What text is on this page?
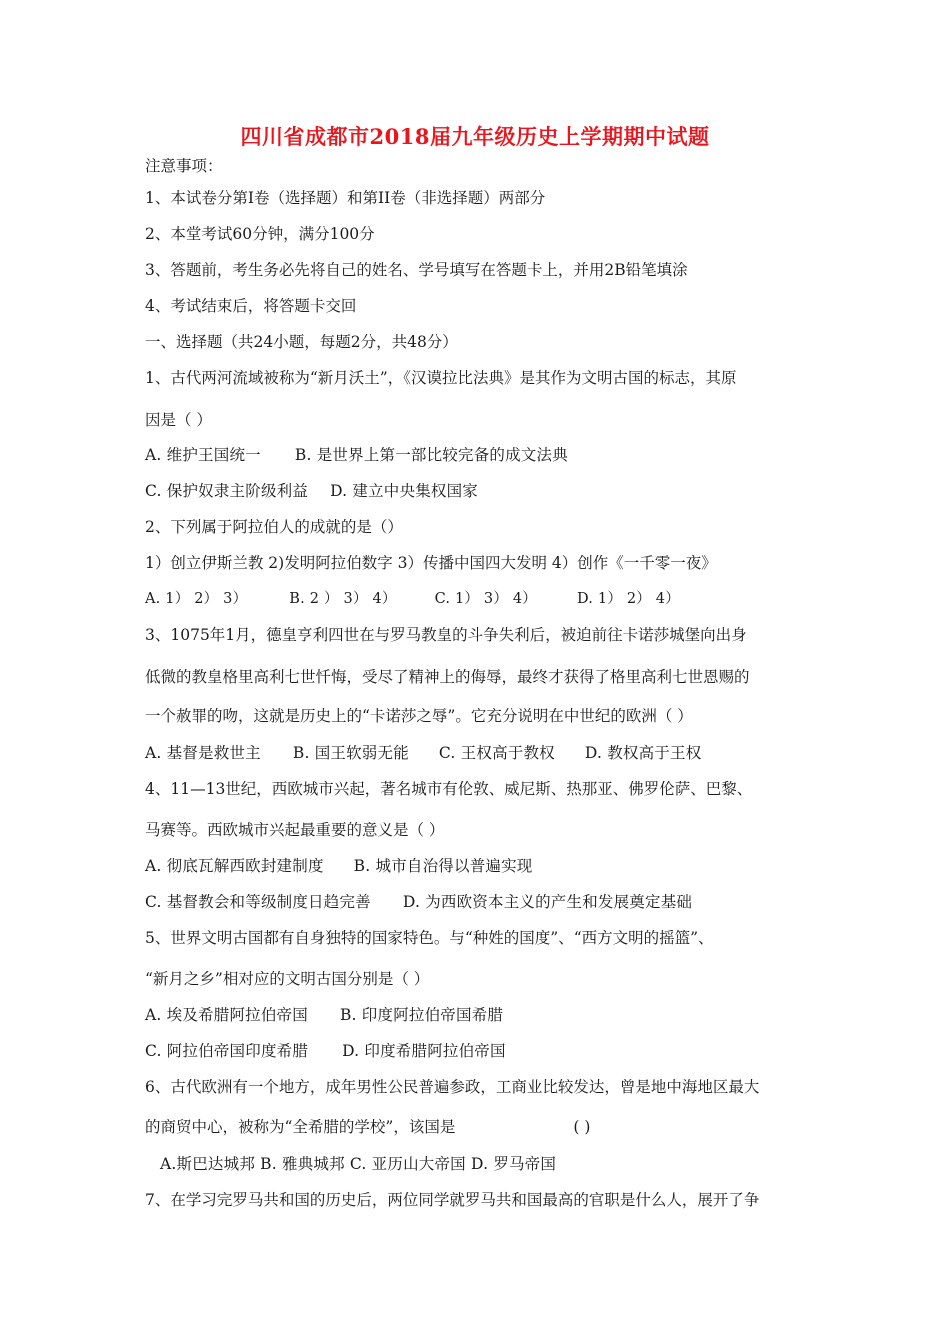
四川省成都市2018届九年级历史上学期期中试题
注意事项：
1、本试卷分第Ⅰ卷（选择题）和第II卷（非选择题）两部分
2、本堂考试60分钟，满分100分
3、答题前，考生务必先将自己的姓名、学号填写在答题卡上，并用2B铅笔填涂
4、考试结束后，将答题卡交回
一、选择题（共24小题，每题2分，共48分）
1、古代两河流域被称为“新月沃土”，《汉谟拉比法典》是其作为文明古国的标志，其原
因是（ ）
A. 维护王国统一 B. 是世界上第一部比较完备的成文法典
C. 保护奴隶主阶级利益 D. 建立中央集权国家
2、下列属于阿拉伯人的成就的是（）
1）创立伊斯兰教 2)发明阿拉伯数字 3）传播中国四大发明 4）创作《一千零一夜》
A. 1） 2） 3）	B. 2 ） 3） 4）	C. 1） 3） 4）	D. 1） 2） 4）
3、1075年1月，德皇亨利四世在与罗马教皇的斗争失利后，被迫前往卡诺莎城堡向出身
低微的教皇格里高利七世忏悔，受尽了精神上的侮辱，最终才获得了格里高利七世恩赐的
一个赦罪的吻，这就是历史上的“卡诺莎之辱”。它充分说明在中世纪的欧洲（ ）
A. 基督是救世主 B. 国王软弱无能 C. 王权高于教权 D. 教权高于王权
4、11—13世纪，西欧城市兴起，著名城市有伦敦、威尼斯、热那亚、佛罗伦萨、巴黎、
马赛等。西欧城市兴起最重要的意义是（ ）
A. 彻底瓦解西欧封建制度 B. 城市自治得以普遍实现
C. 基督教会和等级制度日趋完善 D. 为西欧资本主义的产生和发展奠定基础
5、世界文明古国都有自身独特的国家特色。与“种姓的国度”、“西方文明的摇篮”、
“新月之乡”相对应的文明古国分别是（ ）
A. 埃及希腊阿拉伯帝国 B. 印度阿拉伯帝国希腊
C. 阿拉伯帝国印度希腊 D. 印度希腊阿拉伯帝国
6、古代欧洲有一个地方，成年男性公民普遍参政，工商业比较发达，曾是地中海地区最大
的商贸中心，被称为“全希腊的学校”，该国是	( )
A.斯巴达城邦 B. 雅典城邦 C. 亚历山大帝国 D. 罗马帝国
7、在学习完罗马共和国的历史后，两位同学就罗马共和国最高的官职是什么人，展开了争
